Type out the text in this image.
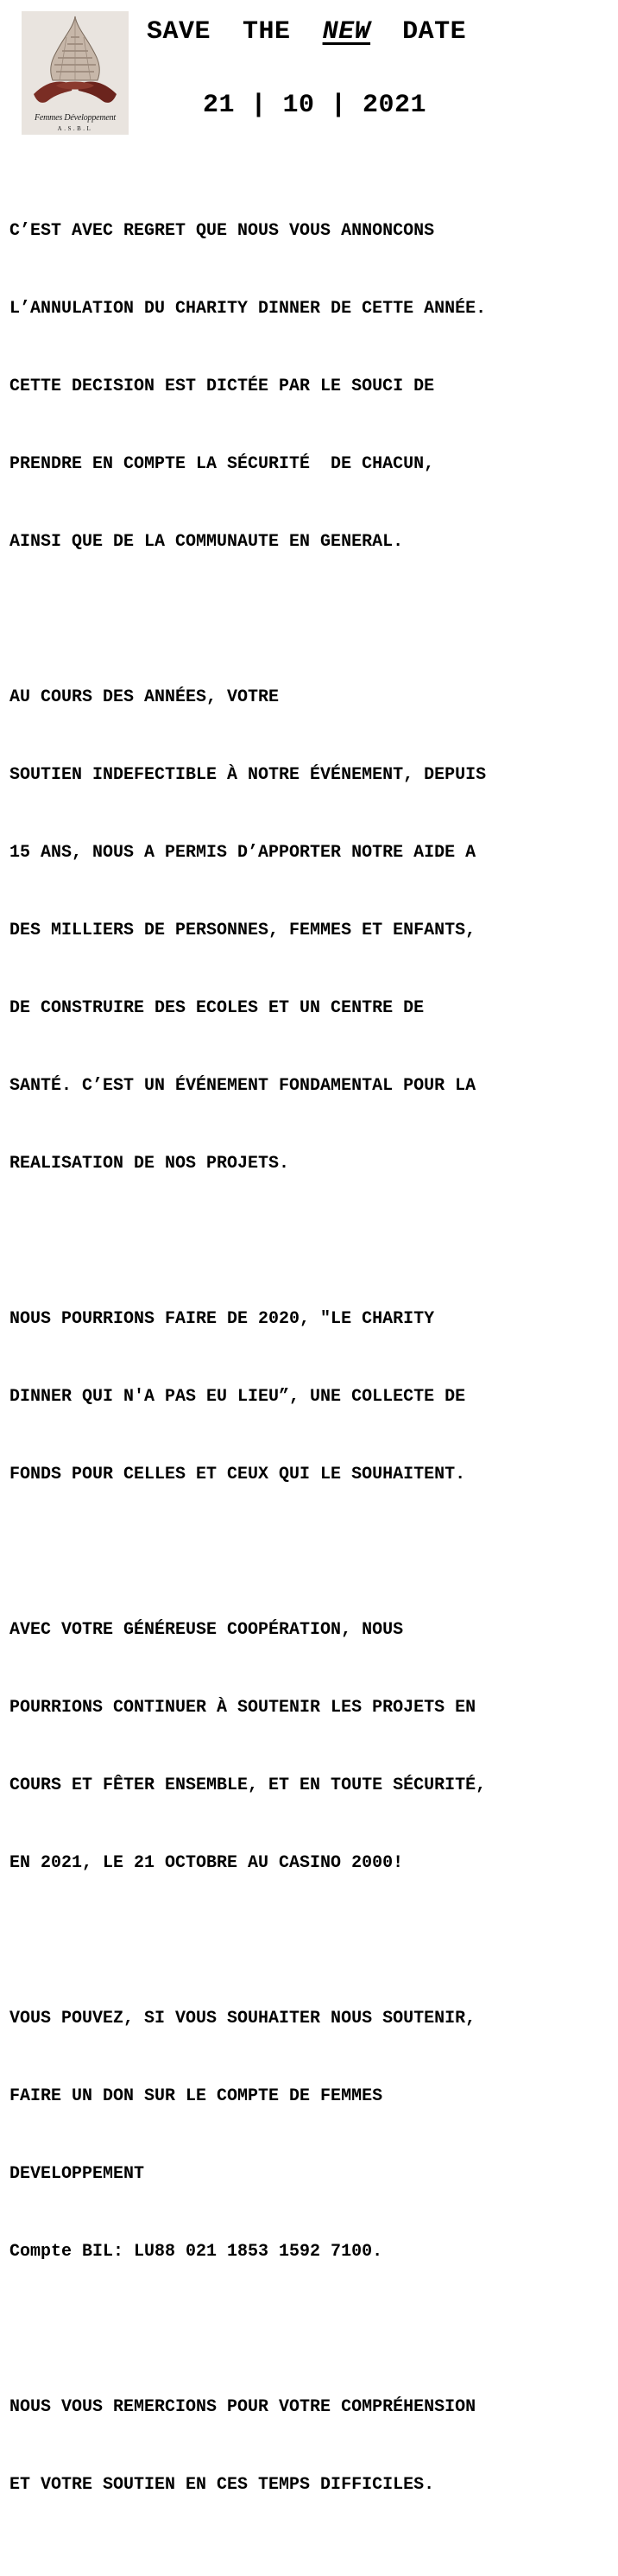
Femmes Développement
A.S.B.L
SAVE THE NEW DATE
21 | 10 | 2021

C’EST AVEC REGRET QUE NOUS VOUS ANNONCONS

L’ANNULATION DU CHARITY DINNER DE CETTE ANNÉE.

CETTE DECISION EST DICTÉE PAR LE SOUCI DE

PRENDRE EN COMPTE LA SÉCURITÉ  DE CHACUN,

AINSI QUE DE LA COMMUNAUTE EN GENERAL.

AU COURS DES ANNÉES, VOTRE

SOUTIEN INDEFECTIBLE À NOTRE ÉVÉNEMENT, DEPUIS

15 ANS, NOUS A PERMIS D’APPORTER NOTRE AIDE A

DES MILLIERS DE PERSONNES, FEMMES ET ENFANTS,

DE CONSTRUIRE DES ECOLES ET UN CENTRE DE

SANTÉ. C’EST UN ÉVÉNEMENT FONDAMENTAL POUR LA

REALISATION DE NOS PROJETS.

NOUS POURRIONS FAIRE DE 2020, "LE CHARITY

DINNER QUI N'A PAS EU LIEU”, UNE COLLECTE DE

FONDS POUR CELLES ET CEUX QUI LE SOUHAITENT.

AVEC VOTRE GÉNÉREUSE COOPÉRATION, NOUS

POURRIONS CONTINUER À SOUTENIR LES PROJETS EN

COURS ET FÊTER ENSEMBLE, ET EN TOUTE SÉCURITÉ,

EN 2021, LE 21 OCTOBRE AU CASINO 2000!

VOUS POUVEZ, SI VOUS SOUHAITER NOUS SOUTENIR,

FAIRE UN DON SUR LE COMPTE DE FEMMES

DEVELOPPEMENT

Compte BIL: LU88 021 1853 1592 7100.

NOUS VOUS REMERCIONS POUR VOTRE COMPRÉHENSION

ET VOTRE SOUTIEN EN CES TEMPS DIFFICILES.
